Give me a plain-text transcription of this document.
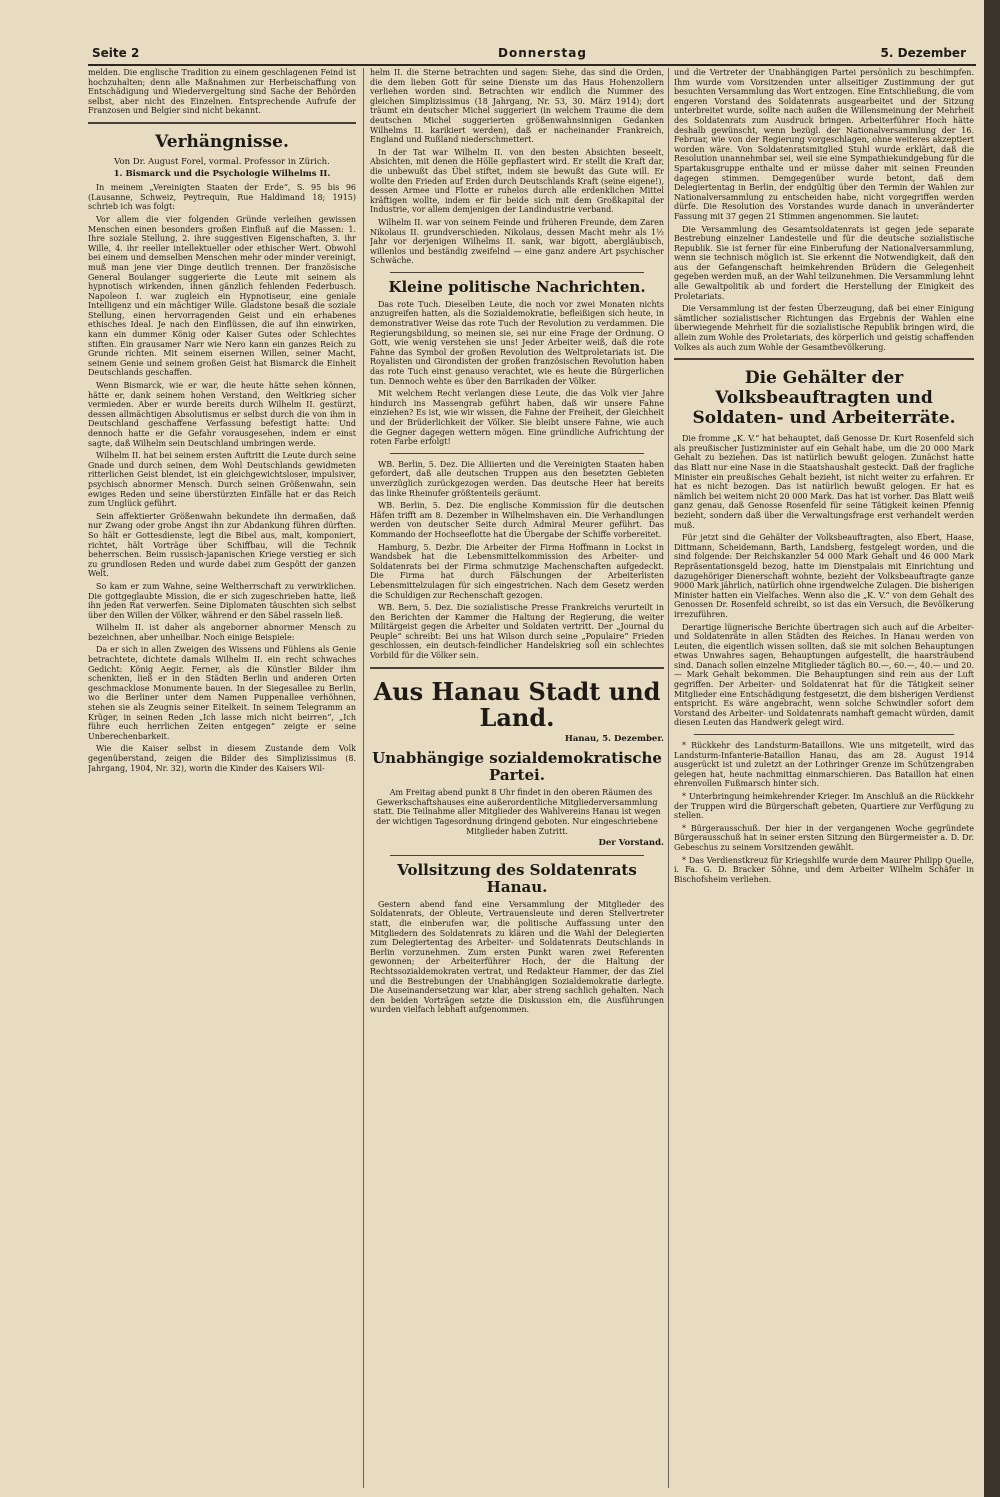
Seite 2	Donnerstag	5. Dezember

melden. Die englische Tradition zu einem geschlagenen Feind ist hochzuhalten; denn alle Maßnahmen zur Herbeischaffung von Entschädigung und Wiedervergeltung sind Sache der Behörden selbst, aber nicht des Einzelnen. Entsprechende Aufrufe der Franzosen und Belgier sind nicht bekannt.

Verhängnisse.
Von Dr. August Forel, vormal. Professor in Zürich.
1. Bismarck und die Psychologie Wilhelms II.

In meinem „Vereinigten Staaten der Erde“, S. 95 bis 96 (Lausanne, Schweiz, Peytrequin, Rue Haldimand 18; 1915) schrieb ich was folgt:

Vor allem die vier folgenden Gründe verleihen gewissen Menschen einen besonders großen Einfluß auf die Massen: 1. Ihre soziale Stellung, 2. ihre suggestiven Eigenschaften, 3. ihr Wille, 4. ihr reeller intellektueller oder ethischer Wert. Obwohl bei einem und demselben Menschen mehr oder minder vereinigt, muß man jene vier Dinge deutlich trennen. Der französische General Boulanger suggerierte die Leute mit seinem als hypnotisch wirkenden, ihnen gänzlich fehlenden Federbusch. Napoleon I. war zugleich ein Hypnotiseur, eine geniale Intelligenz und ein mächtiger Wille. Gladstone besaß die soziale Stellung, einen hervorragenden Geist und ein erhabenes ethisches Ideal. Je nach den Einflüssen, die auf ihn einwirken, kann ein dummer König oder Kaiser Gutes oder Schlechtes stiften. Ein grausamer Narr wie Nero kann ein ganzes Reich zu Grunde richten. Mit seinem eisernen Willen, seiner Macht, seinem Genie und seinem großen Geist hat Bismarck die Einheit Deutschlands geschaffen.

Wenn Bismarck, wie er war, die heute hätte sehen können, hätte er, dank seinem hohen Verstand, den Weltkrieg sicher vermieden. Aber er wurde bereits durch Wilhelm II. gestürzt, dessen allmächtigen Absolutismus er selbst durch die von ihm in Deutschland geschaffene Verfassung befestigt hatte: Und dennoch hatte er die Gefahr vorausgesehen, indem er einst sagte, daß Wilhelm sein Deutschland umbringen werde.

Wilhelm II. hat bei seinem ersten Auftritt die Leute durch seine Gnade und durch seinen, dem Wohl Deutschlands gewidmeten ritterlichen Geist blendet, ist ein gleichgewichtsloser, impulsiver, psychisch abnormer Mensch. Durch seinen Größenwahn, sein ewiges Reden und seine überstürzten Einfälle hat er das Reich zum Unglück geführt.

Sein affektierter Größenwahn bekundete ihn dermaßen, daß nur Zwang oder grobe Angst ihn zur Abdankung führen dürften. So hält er Gottesdienste, legt die Bibel aus, malt, komponiert, richtet, hält Vorträge über Schiffbau, will die Technik beherrschen. Beim russisch-japanischen Kriege verstieg er sich zu grundlosen Reden und wurde dabei zum Gespött der ganzen Welt.

So kam er zum Wahne, seine Weltherrschaft zu verwirklichen. Die gottgeglaubte Mission, die er sich zugeschrieben hatte, ließ ihn jeden Rat verwerfen. Seine Diplomaten täuschten sich selbst über den Willen der Völker, während er den Säbel rasseln ließ.

Wilhelm II. ist daher als angeborner abnormer Mensch zu bezeichnen, aber unheilbar. Noch einige Beispiele:

Da er sich in allen Zweigen des Wissens und Fühlens als Genie betrachtete, dichtete damals Wilhelm II. ein recht schwaches Gedicht: König Aegir. Ferner, als die Künstler Bilder ihm schenkten, ließ er in den Städten Berlin und anderen Orten geschmacklose Monumente bauen. In der Siegesallee zu Berlin, wo die Berliner unter dem Namen Puppenallee verhöhnen, stehen sie als Zeugnis seiner Eitelkeit. In seinem Telegramm an Krüger, in seinen Reden „Ich lasse mich nicht beirren“, „Ich führe euch herrlichen Zeiten entgegen“ zeigte er seine Unberechenbarkeit.

Wie die Kaiser selbst in diesem Zustande dem Volk gegenüberstand, zeigen die Bilder des Simplizissimus (8. Jahrgang, 1904, Nr. 32), worin die Kinder des Kaisers Wil-

helm II. die Sterne betrachten und sagen: Siehe, das sind die Orden, die dem lieben Gott für seine Dienste um das Haus Hohenzollern verliehen worden sind. Betrachten wir endlich die Nummer des gleichen Simplizissimus (18 Jahrgang, Nr. 53, 30. März 1914); dort träumt ein deutscher Michel suggeriert (in welchem Traume die dem deutschen Michel suggerierten größenwahnsinnigen Gedanken Wilhelms II. karikiert werden), daß er nacheinander Frankreich, England und Rußland niederschmettert.

In der Tat war Wilhelm II. von den besten Absichten beseelt, Absichten, mit denen die Hölle gepflastert wird. Er stellt die Kraft dar, die unbewußt das Übel stiftet, indem sie bewußt das Gute will. Er wollte den Frieden auf Erden durch Deutschlands Kraft (seine eigene!), dessen Armee und Flotte er ruhelos durch alle erdenklichen Mittel kräftigen wollte, indem er für beide sich mit dem Großkapital der Industrie, vor allem demjenigen der Landindustrie verband.

Wilhelm II. war von seinem Feinde und früheren Freunde, dem Zaren Nikolaus II. grundverschieden. Nikolaus, dessen Macht mehr als 1½ Jahr vor derjenigen Wilhelms II. sank, war bigott, abergläubisch, willenlos und beständig zweifelnd — eine ganz andere Art psychischer Schwäche.

Kleine politische Nachrichten.

Das rote Tuch. Dieselben Leute, die noch vor zwei Monaten nichts anzugreifen hatten, als die Sozialdemokratie, befleißigen sich heute, in demonstrativer Weise das rote Tuch der Revolution zu verdammen. Die Regierungsbildung, so meinen sie, sei nur eine Frage der Ordnung. O Gott, wie wenig verstehen sie uns! Jeder Arbeiter weiß, daß die rote Fahne das Symbol der großen Revolution des Weltproletariats ist. Die Royalisten und Girondisten der großen französischen Revolution haben das rote Tuch einst genauso verachtet, wie es heute die Bürgerlichen tun. Dennoch wehte es über den Barrikaden der Völker.

Mit welchem Recht verlangen diese Leute, die das Volk vier Jahre hindurch ins Massengrab geführt haben, daß wir unsere Fahne einziehen? Es ist, wie wir wissen, die Fahne der Freiheit, der Gleichheit und der Brüderlichkeit der Völker. Sie bleibt unsere Fahne, wie auch die Gegner dagegen wettern mögen. Eine gründliche Aufrichtung der roten Farbe erfolgt!

WB. Berlin, 5. Dez. Die Alliierten und die Vereinigten Staaten haben gefordert, daß alle deutschen Truppen aus den besetzten Gebieten unverzüglich zurückgezogen werden. Das deutsche Heer hat bereits das linke Rheinufer größtenteils geräumt.

WB. Berlin, 5. Dez. Die englische Kommission für die deutschen Häfen trifft am 8. Dezember in Wilhelmshaven ein. Die Verhandlungen werden von deutscher Seite durch Admiral Meurer geführt. Das Kommando der Hochseeflotte hat die Übergabe der Schiffe vorbereitet.

Hamburg, 5. Dezbr. Die Arbeiter der Firma Hoffmann in Lockst in Wandsbek hat die Lebensmittelkommission des Arbeiter- und Soldatenrats bei der Firma schmutzige Machenschaften aufgedeckt. Die Firma hat durch Fälschungen der Arbeiterlisten Lebensmittelzulagen für sich eingestrichen. Nach dem Gesetz werden die Schuldigen zur Rechenschaft gezogen.

WB. Bern, 5. Dez. Die sozialistische Presse Frankreichs verurteilt in den Berichten der Kammer die Haltung der Regierung, die weiter Militärgeist gegen die Arbeiter und Soldaten vertritt. Der „Journal du Peuple“ schreibt: Bei uns hat Wilson durch seine „Populaire“ Frieden geschlossen, ein deutsch-feindlicher Handelskrieg soll ein schlechtes Vorbild für die Völker sein.

Aus Hanau Stadt und Land.
Hanau, 5. Dezember.
Unabhängige sozialdemokratische Partei.

Am Freitag abend punkt 8 Uhr findet in den oberen Räumen des Gewerkschaftshauses eine außerordentliche Mitgliederversammlung statt. Die Teilnahme aller Mitglieder des Wahlvereins Hanau ist wegen der wichtigen Tagesordnung dringend geboten. Nur eingeschriebene Mitglieder haben Zutritt.

Der Vorstand.
Vollsitzung des Soldatenrats Hanau.

Gestern abend fand eine Versammlung der Mitglieder des Soldatenrats, der Obleute, Vertrauensleute und deren Stellvertreter statt, die einberufen war, die politische Auffassung unter den Mitgliedern des Soldatenrats zu klären und die Wahl der Delegierten zum Delegiertentag des Arbeiter- und Soldatenrats Deutschlands in Berlin vorzunehmen. Zum ersten Punkt waren zwei Referenten gewonnen; der Arbeiterführer Hoch, der die Haltung der Rechtssozialdemokraten vertrat, und Redakteur Hammer, der das Ziel und die Bestrebungen der Unabhängigen Sozialdemokratie darlegte. Die Auseinandersetzung war klar, aber streng sachlich gehalten. Nach den beiden Vorträgen setzte die Diskussion ein, die Ausführungen wurden vielfach lebhaft aufgenommen.

und die Vertreter der Unabhängigen Partei persönlich zu beschimpfen. Ihm wurde vom Vorsitzenden unter allseitiger Zustimmung der gut besuchten Versammlung das Wort entzogen. Eine Entschließung, die vom engeren Vorstand des Soldatenrats ausgearbeitet und der Sitzung unterbreitet wurde, sollte nach außen die Willensmeinung der Mehrheit des Soldatenrats zum Ausdruck bringen. Arbeiterführer Hoch hätte deshalb gewünscht, wenn bezügl. der Nationalversammlung der 16. Februar, wie von der Regierung vorgeschlagen, ohne weiteres akzeptiert worden wäre. Von Soldatenratsmitglied Stuhl wurde erklärt, daß die Resolution unannehmbar sei, weil sie eine Sympathiekundgebung für die Spartakusgruppe enthalte und er müsse daher mit seinen Freunden dagegen stimmen. Demgegenüber wurde betont, daß dem Delegiertentag in Berlin, der endgültig über den Termin der Wahlen zur Nationalversammlung zu entscheiden habe, nicht vorgegriffen werden dürfe. Die Resolution des Vorstandes wurde danach in unveränderter Fassung mit 37 gegen 21 Stimmen angenommen. Sie lautet:

Die Versammlung des Gesamtsoldatenrats ist gegen jede separate Bestrebung einzelner Landesteile und für die deutsche sozialistische Republik. Sie ist ferner für eine Einberufung der Nationalversammlung, wenn sie technisch möglich ist. Sie erkennt die Notwendigkeit, daß den aus der Gefangenschaft heimkehrenden Brüdern die Gelegenheit gegeben werden muß, an der Wahl teilzunehmen. Die Versammlung lehnt alle Gewaltpolitik ab und fordert die Herstellung der Einigkeit des Proletariats.

Die Versammlung ist der festen Überzeugung, daß bei einer Einigung sämtlicher sozialistischer Richtungen das Ergebnis der Wahlen eine überwiegende Mehrheit für die sozialistische Republik bringen wird, die allein zum Wohle des Proletariats, des körperlich und geistig schaffenden Volkes als auch zum Wohle der Gesamtbevölkerung.

Die Gehälter der Volksbeauftragten und Soldaten- und Arbeiterräte.

Die fromme „K. V.“ hat behauptet, daß Genosse Dr. Kurt Rosenfeld sich als preußischer Justizminister auf ein Gehalt habe, um die 20 000 Mark Gehalt zu beziehen. Das ist natürlich bewußt gelogen. Zunächst hatte das Blatt nur eine Nase in die Staatshaushalt gesteckt. Daß der fragliche Minister ein preußisches Gehalt bezieht, ist nicht weiter zu erfahren. Er hat es nicht bezogen. Das ist natürlich bewußt gelogen. Er hat es nämlich bei weitem nicht 20 000 Mark. Das hat ist vorher. Das Blatt weiß ganz genau, daß Genosse Rosenfeld für seine Tätigkeit keinen Pfennig bezieht, sondern daß über die Verwaltungsfrage erst verhandelt werden muß.

Für jetzt sind die Gehälter der Volksbeauftragten, also Ebert, Haase, Dittmann, Scheidemann, Barth, Landsberg, festgelegt worden, und die sind folgende: Der Reichskanzler 54 000 Mark Gehalt und 46 000 Mark Repräsentationsgeld bezog, hatte im Dienstpalais mit Einrichtung und dazugehöriger Dienerschaft wohnte, bezieht der Volksbeauftragte ganze 9000 Mark jährlich, natürlich ohne irgendwelche Zulagen. Die bisherigen Minister hatten ein Vielfaches. Wenn also die „K. V.“ von dem Gehalt des Genossen Dr. Rosenfeld schreibt, so ist das ein Versuch, die Bevölkerung irrezuführen.

Derartige lügnerische Berichte übertragen sich auch auf die Arbeiter- und Soldatenräte in allen Städten des Reiches. In Hanau werden von Leuten, die eigentlich wissen sollten, daß sie mit solchen Behauptungen etwas Unwahres sagen, Behauptungen aufgestellt, die haarsträubend sind. Danach sollen einzelne Mitglieder täglich 80.—, 60.—, 40.— und 20.— Mark Gehalt bekommen. Die Behauptungen sind rein aus der Luft gegriffen. Der Arbeiter- und Soldatenrat hat für die Tätigkeit seiner Mitglieder eine Entschädigung festgesetzt, die dem bisherigen Verdienst entspricht. Es wäre angebracht, wenn solche Schwindler sofort dem Vorstand des Arbeiter- und Soldatenrats namhaft gemacht würden, damit diesen Leuten das Handwerk gelegt wird.

* Rückkehr des Landsturm-Bataillons. Wie uns mitgeteilt, wird das Landsturm-Infanterie-Bataillon Hanau, das am 28. August 1914 ausgerückt ist und zuletzt an der Lothringer Grenze im Schützengraben gelegen hat, heute nachmittag einmarschieren. Das Bataillon hat einen ehrenvollen Fußmarsch hinter sich.

* Unterbringung heimkehrender Krieger. Im Anschluß an die Rückkehr der Truppen wird die Bürgerschaft gebeten, Quartiere zur Verfügung zu stellen.

* Bürgerausschuß. Der hier in der vergangenen Woche gegründete Bürgerausschuß hat in seiner ersten Sitzung den Bürgermeister a. D. Dr. Gebeschus zu seinem Vorsitzenden gewählt.

* Das Verdienstkreuz für Kriegshilfe wurde dem Maurer Philipp Quelle, i. Fa. G. D. Bracker Söhne, und dem Arbeiter Wilhelm Schäfer in Bischofsheim verliehen.
